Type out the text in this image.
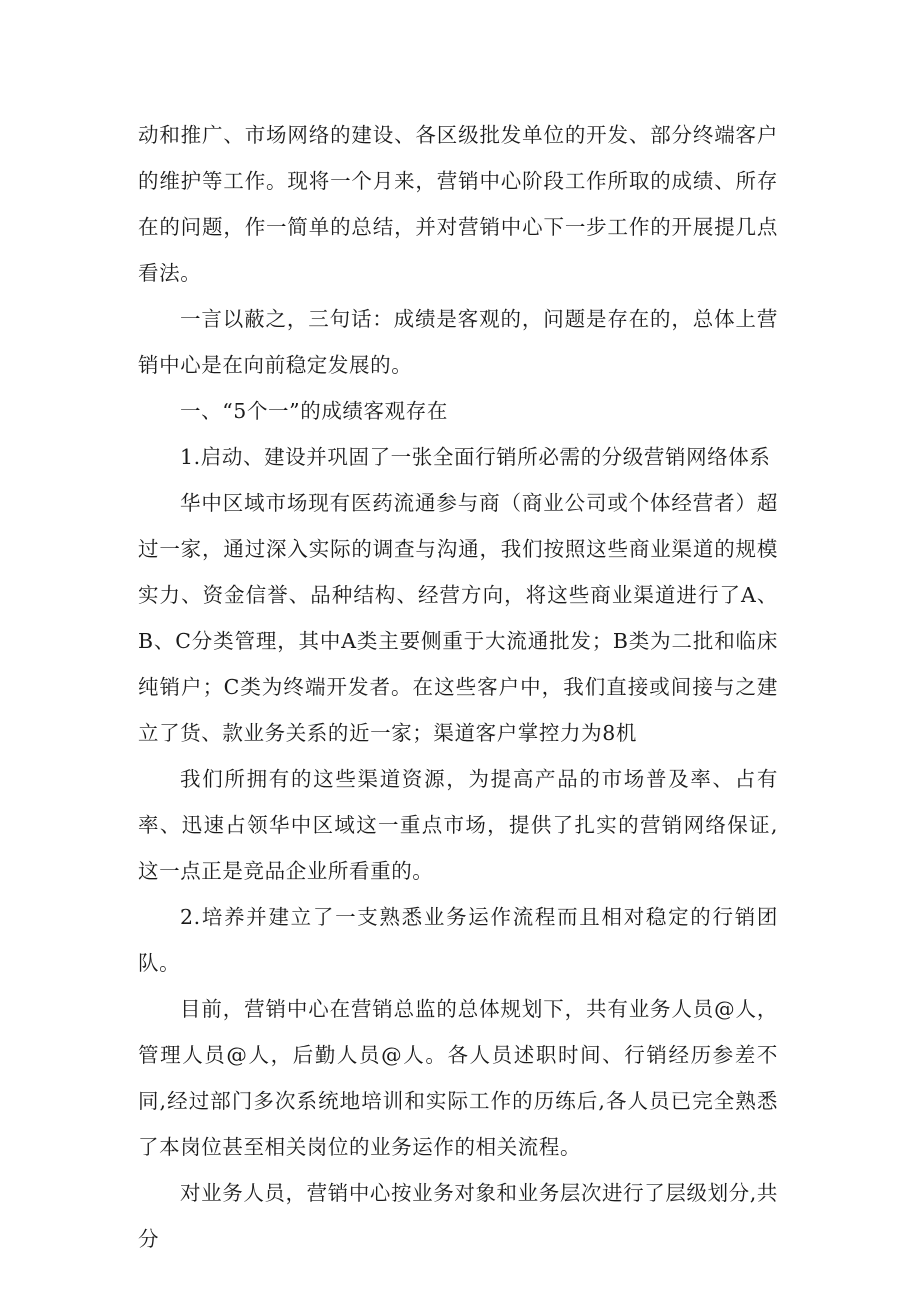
动和推广、市场网络的建设、各区级批发单位的开发、部分终端客户的维护等工作。现将一个月来，营销中心阶段工作所取的成绩、所存在的问题，作一简单的总结，并对营销中心下一步工作的开展提几点看法。

一言以蔽之，三句话：成绩是客观的，问题是存在的，总体上营销中心是在向前稳定发展的。

一、“5个一”的成绩客观存在

1.启动、建设并巩固了一张全面行销所必需的分级营销网络体系

华中区域市场现有医药流通参与商（商业公司或个体经营者）超过一家，通过深入实际的调查与沟通，我们按照这些商业渠道的规模实力、资金信誉、品种结构、经营方向，将这些商业渠道进行了A、B、C分类管理，其中A类主要侧重于大流通批发；B类为二批和临床纯销户；C类为终端开发者。在这些客户中，我们直接或间接与之建立了货、款业务关系的近一家；渠道客户掌控力为8机

我们所拥有的这些渠道资源，为提高产品的市场普及率、占有率、迅速占领华中区域这一重点市场，提供了扎实的营销网络保证,这一点正是竞品企业所看重的。

2.培养并建立了一支熟悉业务运作流程而且相对稳定的行销团队。

目前，营销中心在营销总监的总体规划下，共有业务人员@人，管理人员@人，后勤人员@人。各人员述职时间、行销经历参差不同,经过部门多次系统地培训和实际工作的历练后,各人员已完全熟悉了本岗位甚至相关岗位的业务运作的相关流程。

对业务人员，营销中心按业务对象和业务层次进行了层级划分,共分
